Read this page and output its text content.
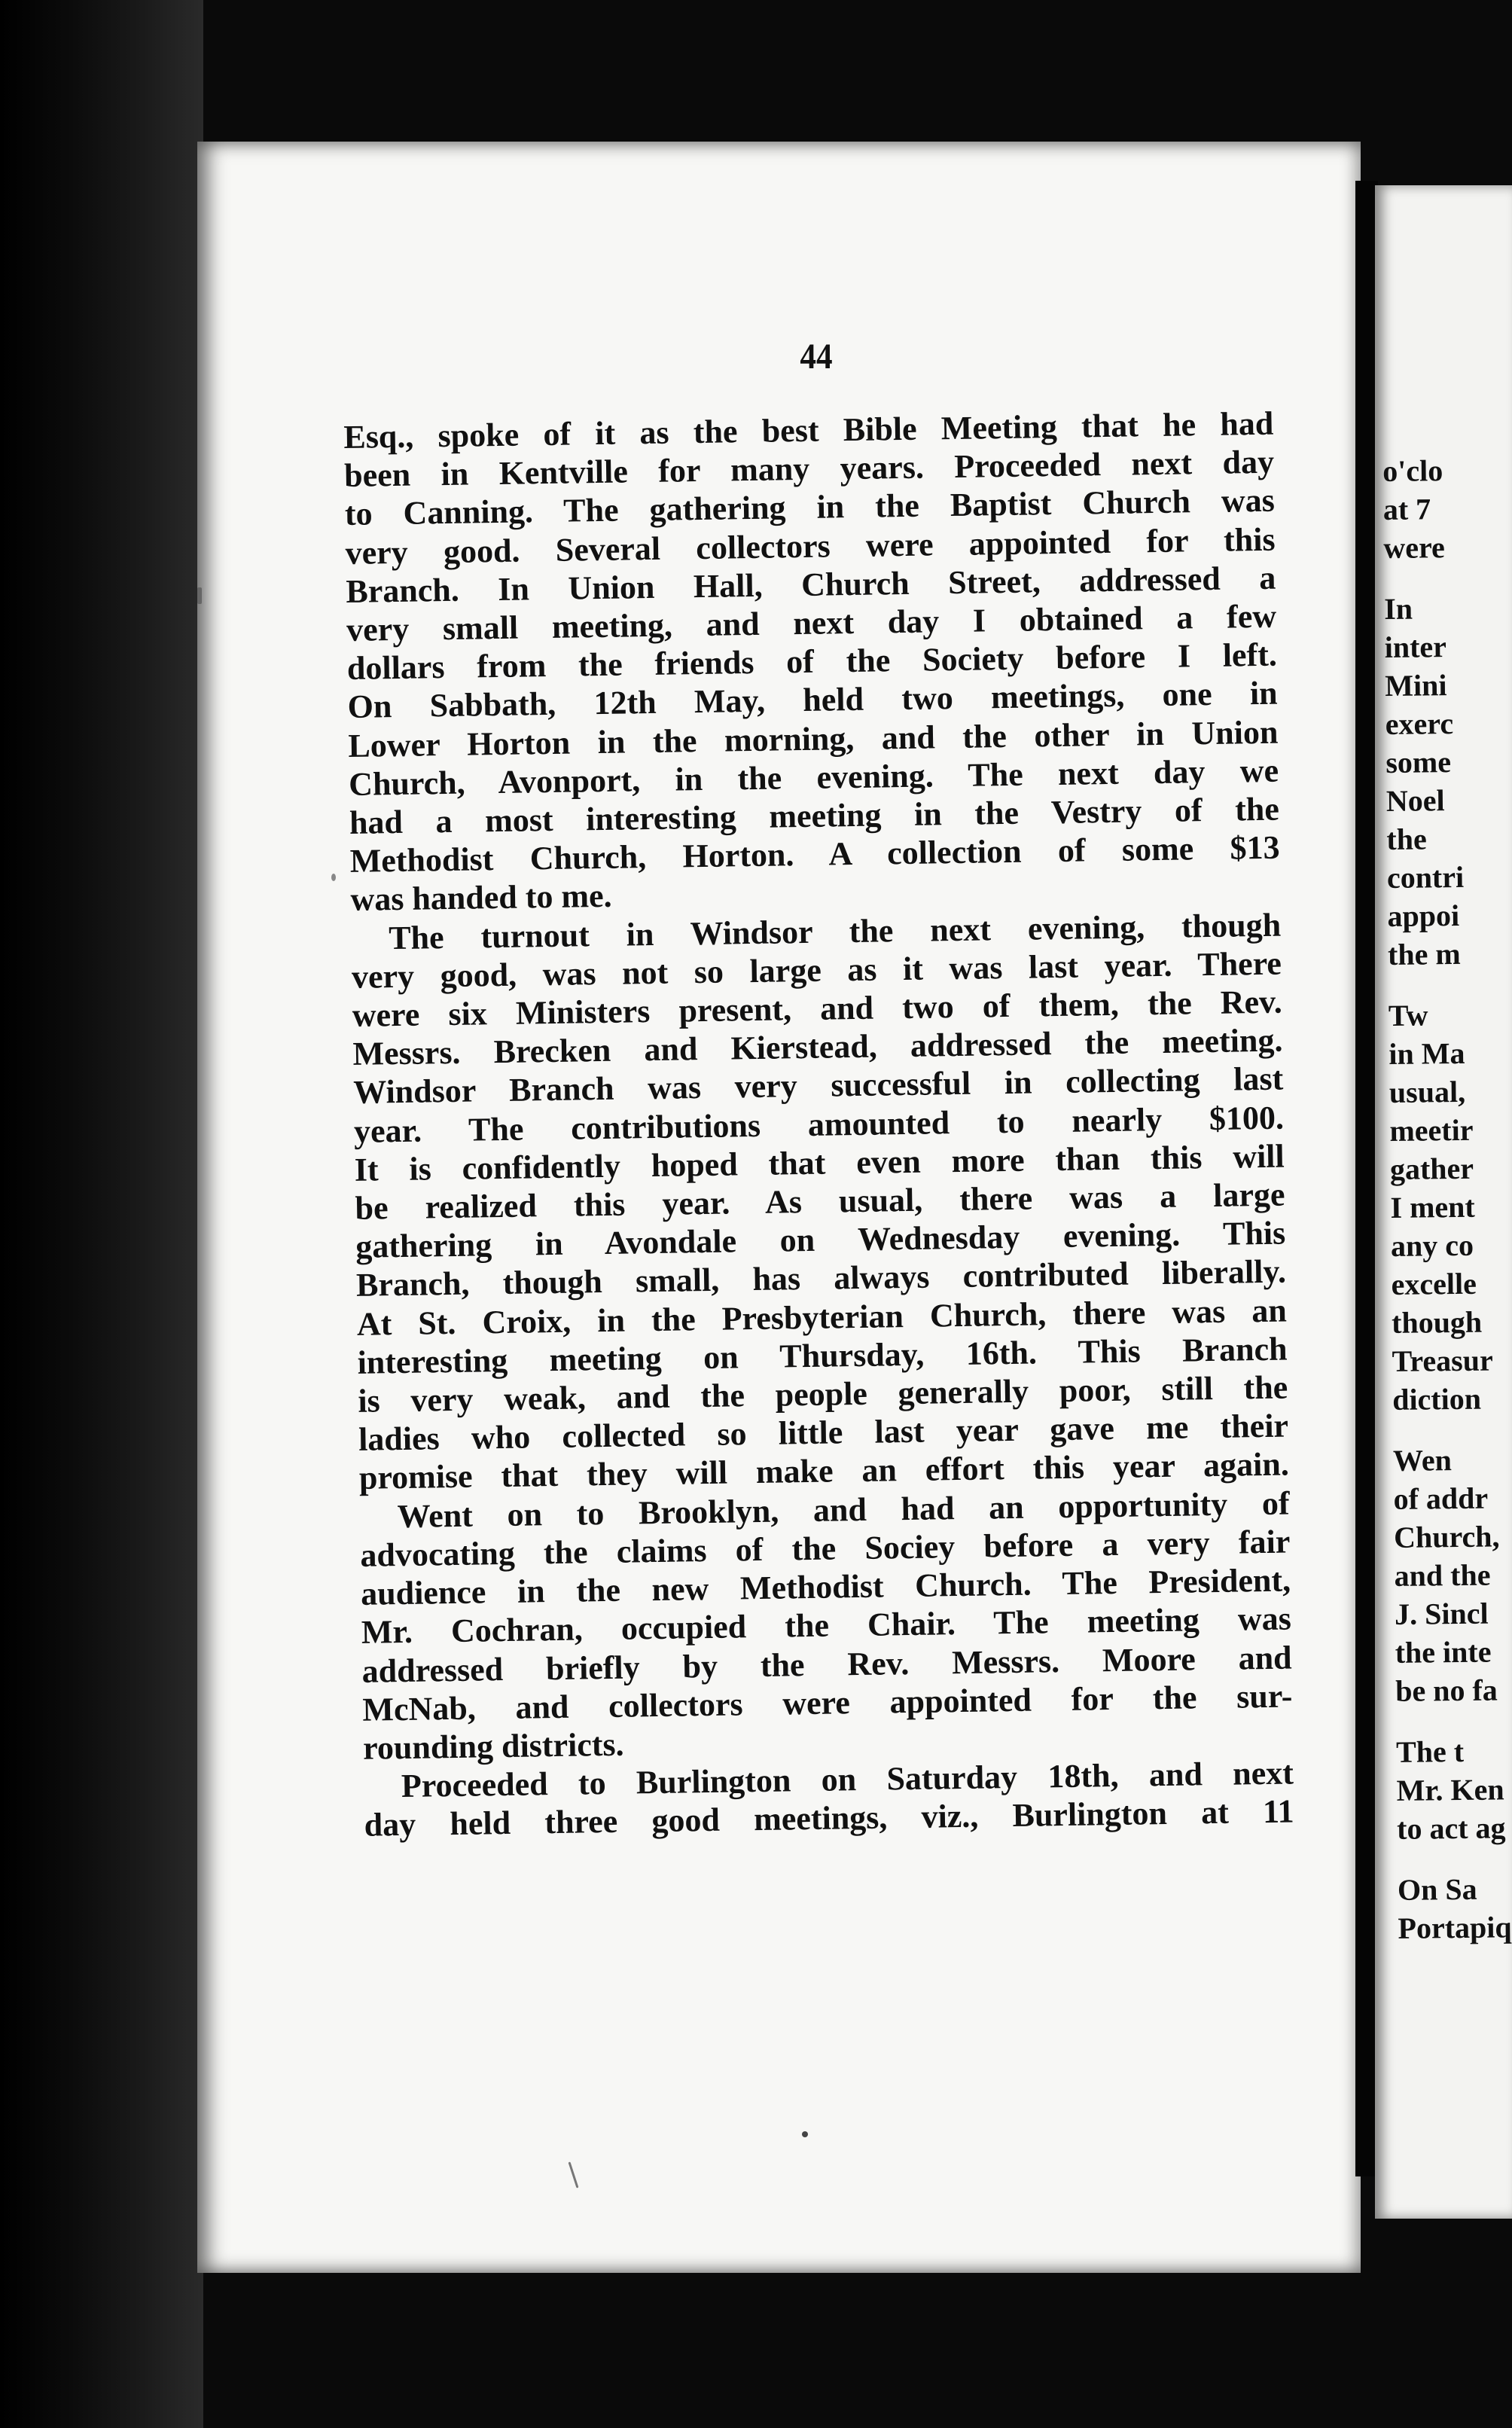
44
Esq., spoke of it as the best Bible Meeting that he had
been in Kentville for many years. Proceeded next day
to Canning. The gathering in the Baptist Church was
very good. Several collectors were appointed for this
Branch. In Union Hall, Church Street, addressed a
very small meeting, and next day I obtained a few
dollars from the friends of the Society before I left.
On Sabbath, 12th May, held two meetings, one in
Lower Horton in the morning, and the other in Union
Church, Avonport, in the evening. The next day we
had a most interesting meeting in the Vestry of the
Methodist Church, Horton. A collection of some $13
was handed to me.
The turnout in Windsor the next evening, though
very good, was not so large as it was last year. There
were six Ministers present, and two of them, the Rev.
Messrs. Brecken and Kierstead, addressed the meeting.
Windsor Branch was very successful in collecting last
year. The contributions amounted to nearly $100.
It is confidently hoped that even more than this will
be realized this year. As usual, there was a large
gathering in Avondale on Wednesday evening. This
Branch, though small, has always contributed liberally.
At St. Croix, in the Presbyterian Church, there was an
interesting meeting on Thursday, 16th. This Branch
is very weak, and the people generally poor, still the
ladies who collected so little last year gave me their
promise that they will make an effort this year again.
Went on to Brooklyn, and had an opportunity of
advocating the claims of the Sociey before a very fair
audience in the new Methodist Church. The President,
Mr. Cochran, occupied the Chair. The meeting was
addressed briefly by the Rev. Messrs. Moore and
McNab, and collectors were appointed for the sur-
rounding districts.
Proceeded to Burlington on Saturday 18th, and next
day held three good meetings, viz., Burlington at 11
o'clo
at 7
were
In
inter
Mini
exerc
some
Noel
the
contri
appoi
the m
Tw
in Ma
usual,
meetir
gather
I ment
any co
excelle
though
Treasur
diction
Wen
of addr
Church,
and the
J. Sincl
the inte
be no fa
The t
Mr. Ken
to act ag
On Sa
Portapiq
